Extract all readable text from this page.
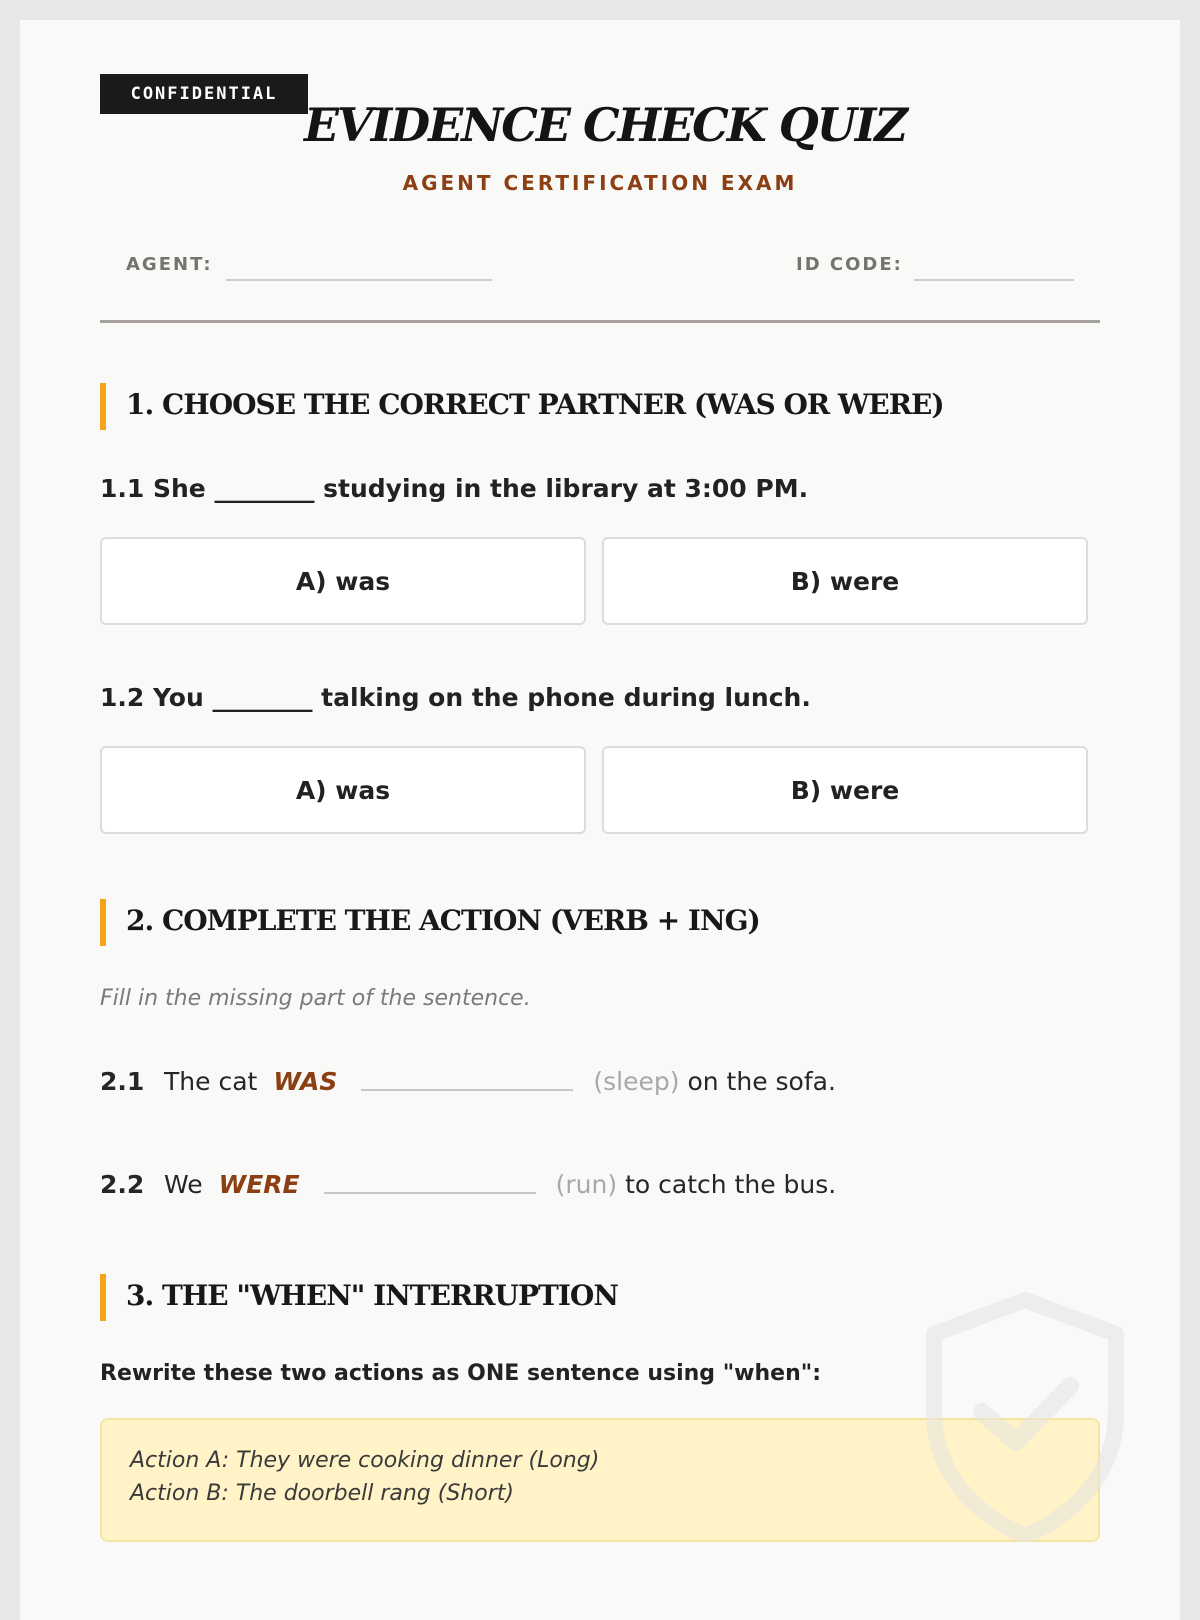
CONFIDENTIAL
EVIDENCE CHECK QUIZ
AGENT CERTIFICATION EXAM
AGENT:	ID CODE:
1. CHOOSE THE CORRECT PARTNER (WAS OR WERE)
1.1 She ________ studying in the library at 3:00 PM.
A) was	B) were
1.2 You ________ talking on the phone during lunch.
A) was	B) were
2. COMPLETE THE ACTION (VERB + ING)
Fill in the missing part of the sentence.
2.1 The cat WAS	(sleep) on the sofa.
2.2 We WERE	(run) to catch the bus.
3. THE "WHEN" INTERRUPTION
Rewrite these two actions as ONE sentence using "when":
Action A: They were cooking dinner (Long)
Action B: The doorbell rang (Short)
